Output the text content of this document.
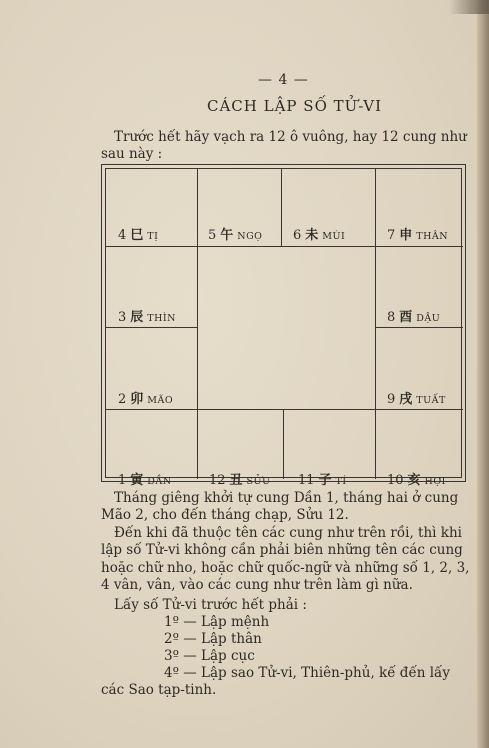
— 4 —
CÁCH LẬP SỐ TỬ-VI
Trước hết hãy vạch ra 12 ô vuông, hay 12 cung như
sau này :
4 巳 TỊ	5 午 NGỌ 6 未 MÙI	7 申 THÂN
3 辰 THÌN	8 酉 DẬU
2 卯 MÃO	9 戌 TUẤT
1 寅 DẦN	12 丑 SỬU 11 子 TÍ	10 亥 HỢI
Tháng giêng khởi tự cung Dần 1, tháng hai ở cung
Mão 2, cho đến tháng chạp, Sửu 12.
Đến khi đã thuộc tên các cung như trên rồi, thì khi
lập số Tử-vi không cần phải biên những tên các cung
hoặc chữ nho, hoặc chữ quốc-ngữ và những số 1, 2, 3,
4 vân, vân, vào các cung như trên làm gì nữa.
Lấy số Tử-vi trước hết phải :
1º — Lập mệnh
2º — Lập thân
3º — Lập cục
4º — Lập sao Tử-vi, Thiên-phủ, kế đến lấy
các Sao tạp-tinh.
